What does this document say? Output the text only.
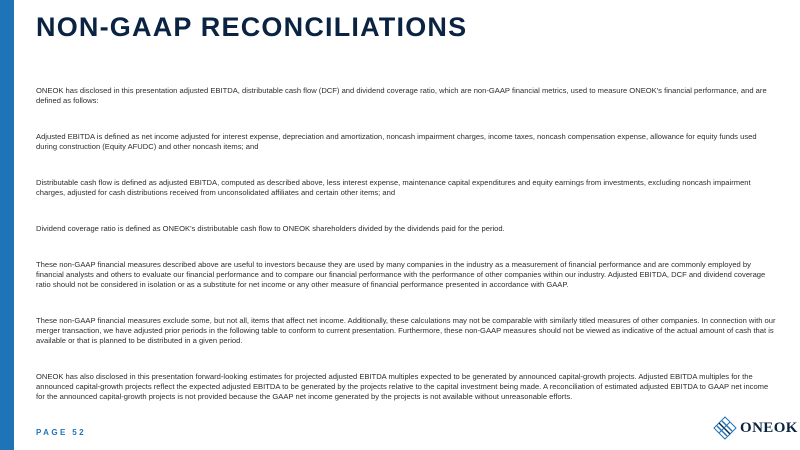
NON-GAAP RECONCILIATIONS

ONEOK has disclosed in this presentation adjusted EBITDA, distributable cash flow (DCF) and dividend coverage ratio, which are non-GAAP financial metrics, used to measure ONEOK's financial performance, and are defined as follows:

Adjusted EBITDA is defined as net income adjusted for interest expense, depreciation and amortization, noncash impairment charges, income taxes, noncash compensation expense, allowance for equity funds used during construction (Equity AFUDC) and other noncash items; and

Distributable cash flow is defined as adjusted EBITDA, computed as described above, less interest expense, maintenance capital expenditures and equity earnings from investments, excluding noncash impairment charges, adjusted for cash distributions received from unconsolidated affiliates and certain other items; and

Dividend coverage ratio is defined as ONEOK's distributable cash flow to ONEOK shareholders divided by the dividends paid for the period.

These non-GAAP financial measures described above are useful to investors because they are used by many companies in the industry as a measurement of financial performance and are commonly employed by financial analysts and others to evaluate our financial performance and to compare our financial performance with the performance of other companies within our industry. Adjusted EBITDA, DCF and dividend coverage ratio should not be considered in isolation or as a substitute for net income or any other measure of financial performance presented in accordance with GAAP.

These non-GAAP financial measures exclude some, but not all, items that affect net income. Additionally, these calculations may not be comparable with similarly titled measures of other companies. In connection with our merger transaction, we have adjusted prior periods in the following table to conform to current presentation. Furthermore, these non-GAAP measures should not be viewed as indicative of the actual amount of cash that is available or that is planned to be distributed in a given period.

ONEOK has also disclosed in this presentation forward-looking estimates for projected adjusted EBITDA multiples expected to be generated by announced capital-growth projects. Adjusted EBITDA multiples for the announced capital-growth projects reflect the expected adjusted EBITDA to be generated by the projects relative to the capital investment being made. A reconciliation of estimated adjusted EBITDA to GAAP net income for the announced capital-growth projects is not provided because the GAAP net income generated by the projects is not available without unreasonable efforts.

PAGE 52	ONEOK
